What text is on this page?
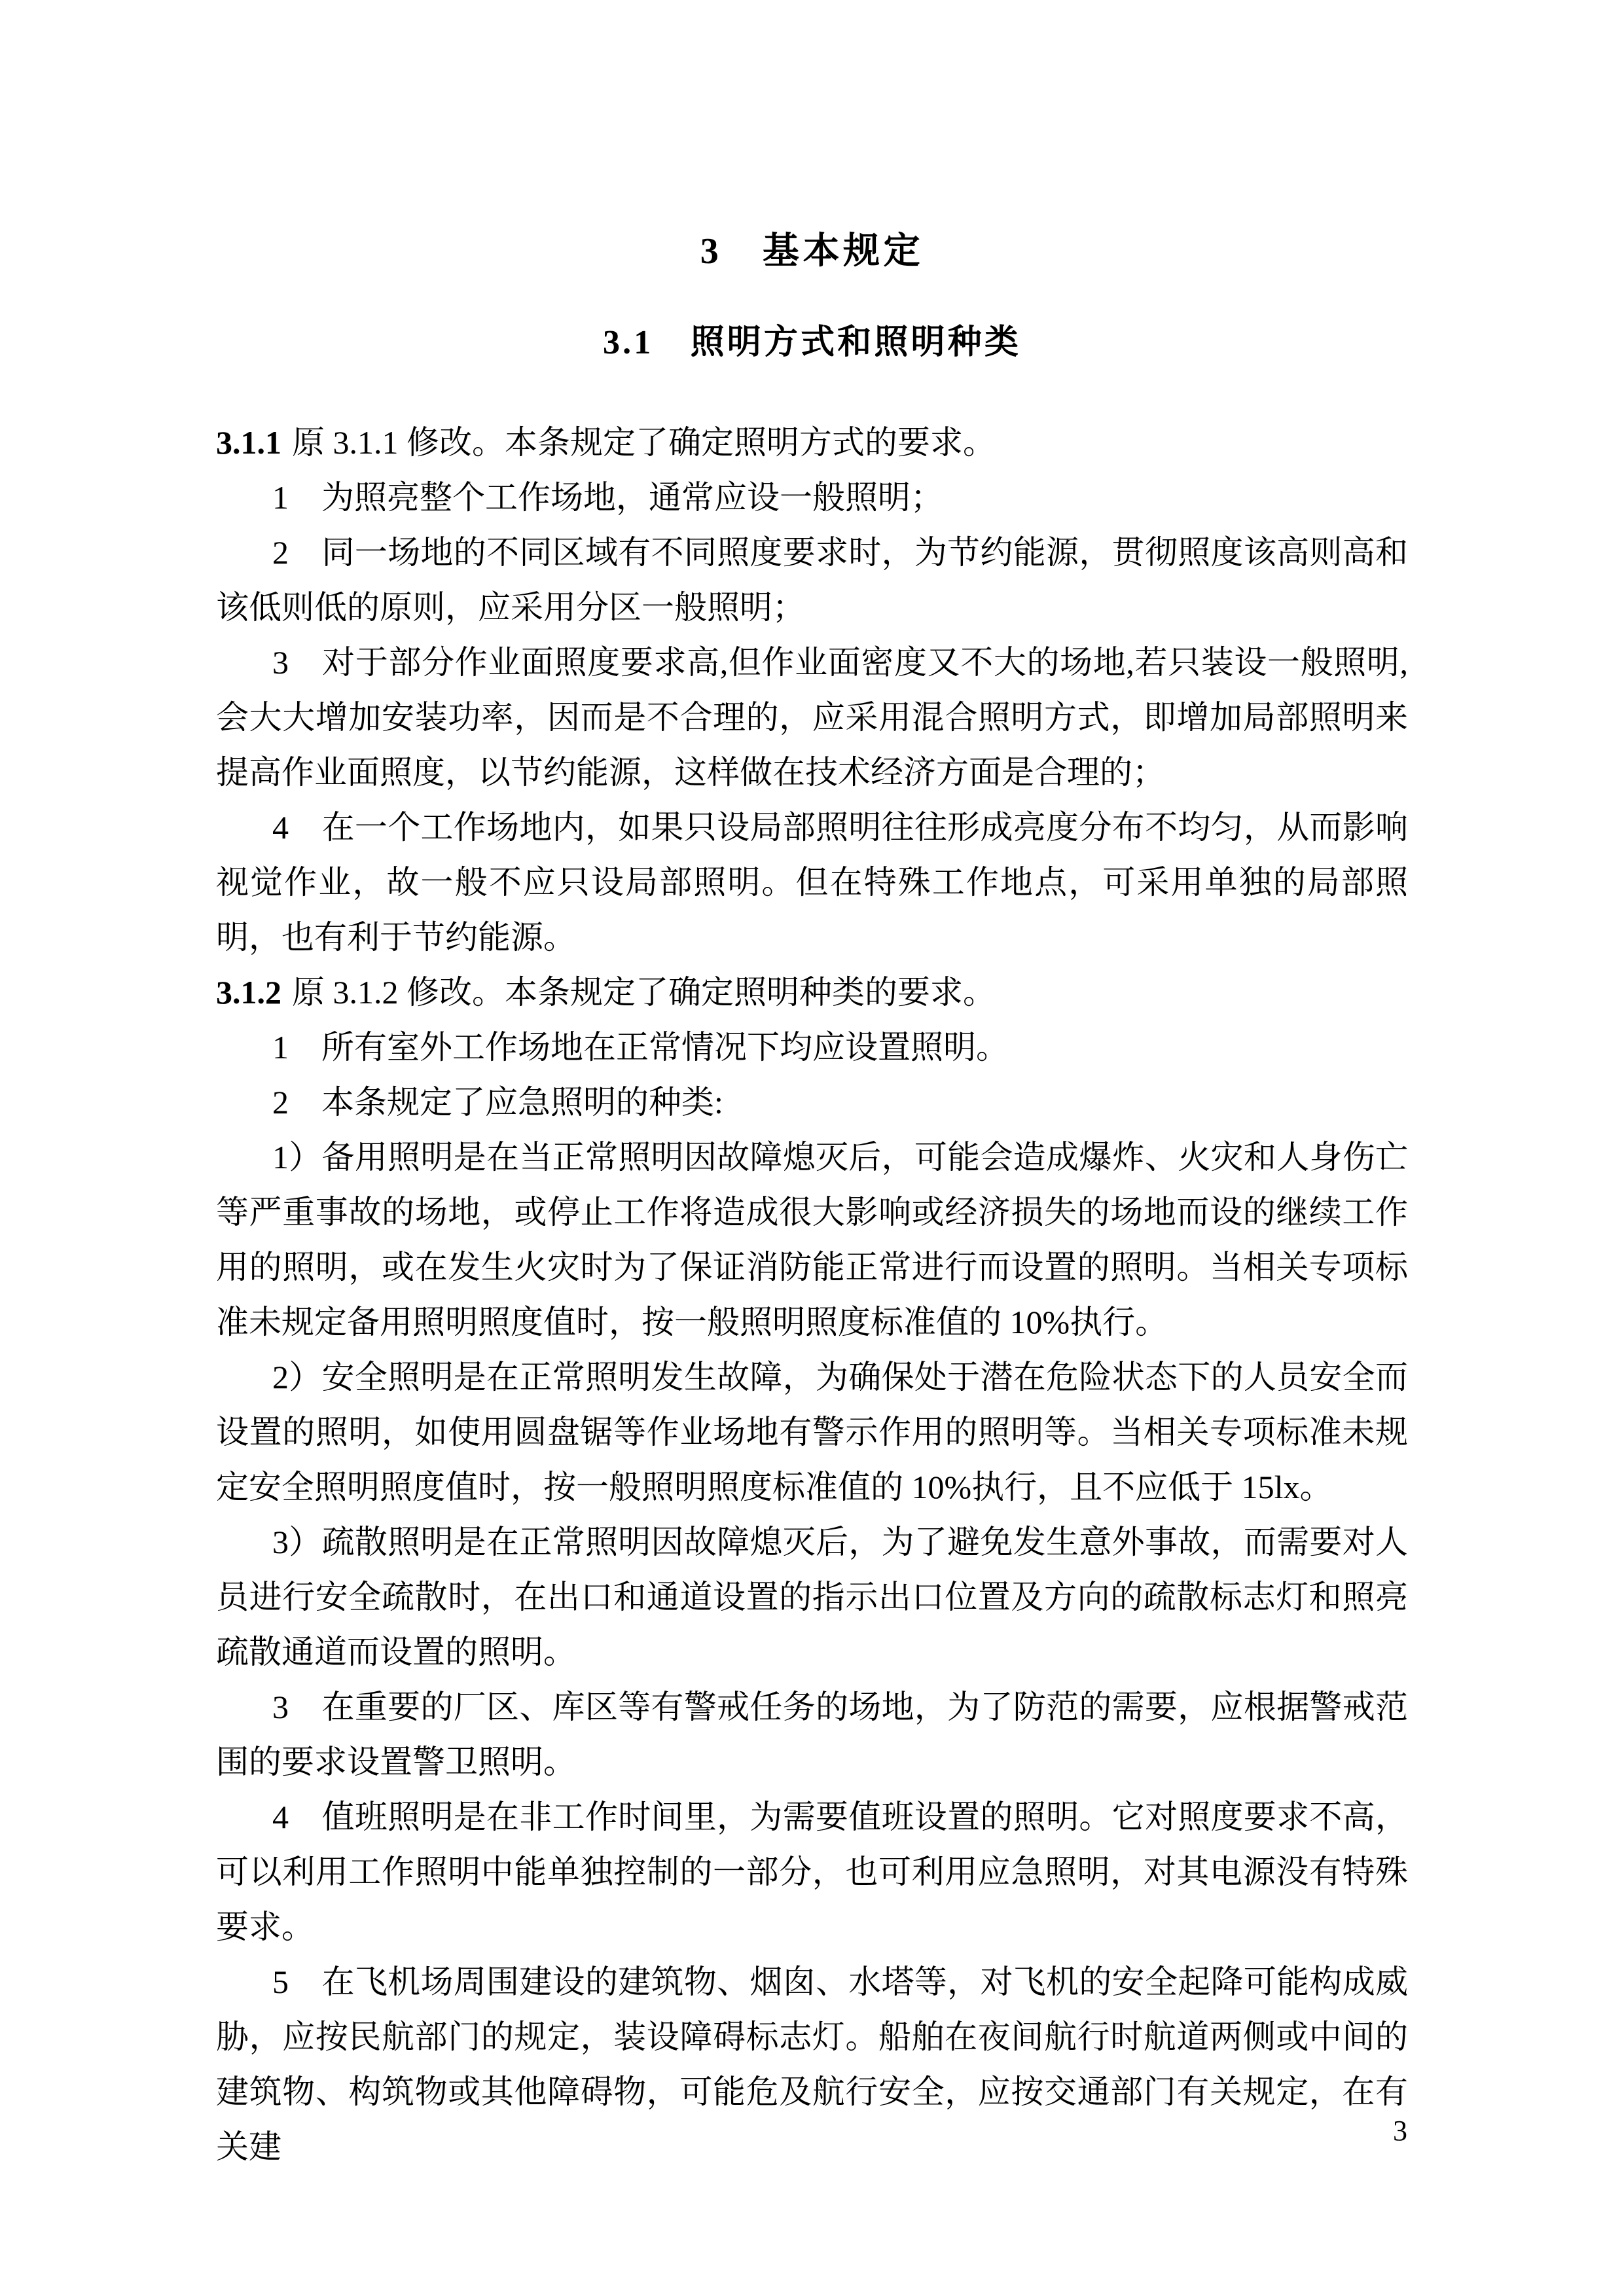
3　基本规定
3.1　照明方式和照明种类

3.1.1 原 3.1.1 修改。本条规定了确定照明方式的要求。

1　为照亮整个工作场地，通常应设一般照明；

2　同一场地的不同区域有不同照度要求时，为节约能源，贯彻照度该高则高和该低则低的原则，应采用分区一般照明；

3　对于部分作业面照度要求高,但作业面密度又不大的场地,若只装设一般照明,会大大增加安装功率，因而是不合理的，应采用混合照明方式，即增加局部照明来提高作业面照度，以节约能源，这样做在技术经济方面是合理的；

4　在一个工作场地内，如果只设局部照明往往形成亮度分布不均匀，从而影响视觉作业，故一般不应只设局部照明。但在特殊工作地点，可采用单独的局部照明，也有利于节约能源。

3.1.2 原 3.1.2 修改。本条规定了确定照明种类的要求。

1　所有室外工作场地在正常情况下均应设置照明。

2　本条规定了应急照明的种类:

1）备用照明是在当正常照明因故障熄灭后，可能会造成爆炸、火灾和人身伤亡等严重事故的场地，或停止工作将造成很大影响或经济损失的场地而设的继续工作用的照明，或在发生火灾时为了保证消防能正常进行而设置的照明。当相关专项标准未规定备用照明照度值时，按一般照明照度标准值的 10%执行。

2）安全照明是在正常照明发生故障，为确保处于潜在危险状态下的人员安全而设置的照明，如使用圆盘锯等作业场地有警示作用的照明等。当相关专项标准未规定安全照明照度值时，按一般照明照度标准值的 10%执行，且不应低于 15lx。

3）疏散照明是在正常照明因故障熄灭后，为了避免发生意外事故，而需要对人员进行安全疏散时，在出口和通道设置的指示出口位置及方向的疏散标志灯和照亮疏散通道而设置的照明。

3　在重要的厂区、库区等有警戒任务的场地，为了防范的需要，应根据警戒范围的要求设置警卫照明。

4　值班照明是在非工作时间里，为需要值班设置的照明。它对照度要求不高，可以利用工作照明中能单独控制的一部分，也可利用应急照明，对其电源没有特殊要求。

5　在飞机场周围建设的建筑物、烟囱、水塔等，对飞机的安全起降可能构成威胁，应按民航部门的规定，装设障碍标志灯。船舶在夜间航行时航道两侧或中间的建筑物、构筑物或其他障碍物，可能危及航行安全，应按交通部门有关规定，在有关建	3
